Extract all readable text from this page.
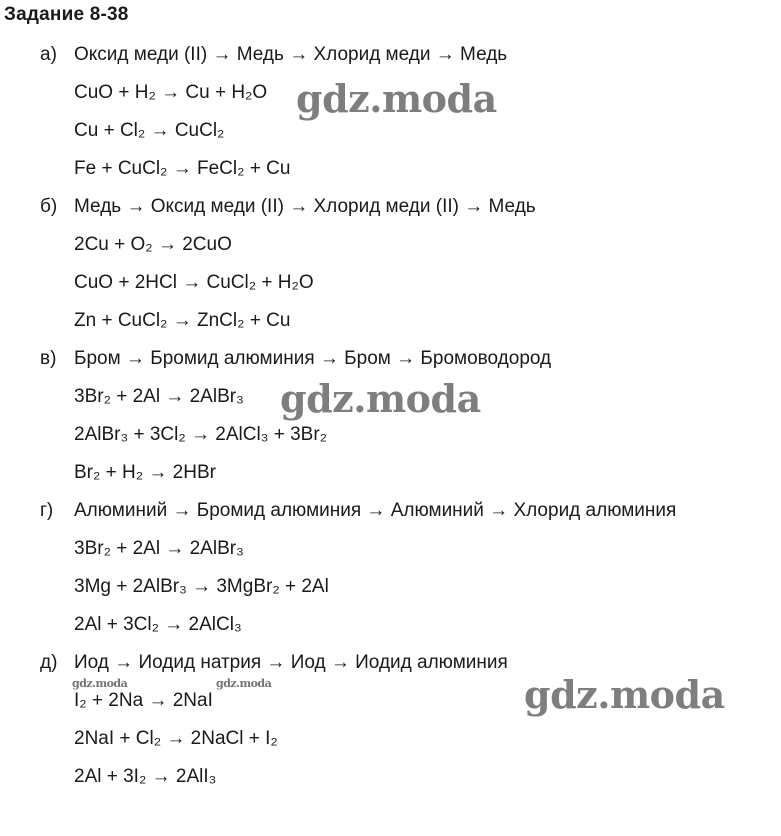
Задание 8-38
а) Оксид меди (II) → Медь → Хлорид меди → Медь
CuO + H₂ → Cu + H₂O
Cu + Cl₂ → CuCl₂
Fe + CuCl₂ → FeCl₂ + Cu
б) Медь → Оксид меди (II) → Хлорид меди (II) → Медь
2Cu + O₂ → 2CuO
CuO + 2HCl → CuCl₂ + H₂O
Zn + CuCl₂ → ZnCl₂ + Cu
в) Бром → Бромид алюминия → Бром → Бромоводород
3Br₂ + 2Al → 2AlBr₃
2AlBr₃ + 3Cl₂ → 2AlCl₃ + 3Br₂
Br₂ + H₂ → 2HBr
г) Алюминий → Бромид алюминия → Алюминий → Хлорид алюминия
3Br₂ + 2Al → 2AlBr₃
3Mg + 2AlBr₃ → 3MgBr₂ + 2Al
2Al + 3Cl₂ → 2AlCl₃
д) Иод → Иодид натрия → Иод → Иодид алюминия
I₂ + 2Na → 2NaI
2NaI + Cl₂ → 2NaCl + I₂
2Al + 3I₂ → 2AlI₃
gdz.moda
gdz.moda
gdz.moda
gdz.moda	gdz.moda
